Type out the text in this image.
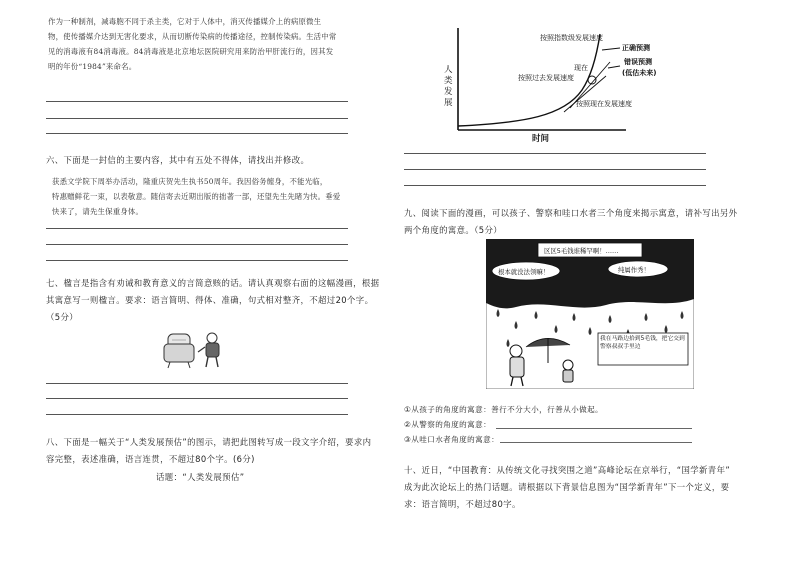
作为一种制剂，减毒胞不同于杀主类，它对于人体中，消灭传播媒介上的病原微生
物，使传播媒介达到无害化要求，从而切断传染病的传播途径，控制传染病。生活中常
见的消毒液有84消毒液。84消毒液是北京地坛医院研究用来防治甲肝流行的，因其发
明的年份“1984”来命名。
六、下面是一封信的主要内容，其中有五处不得体，请找出并修改。
获悉文学院下周举办活动，隆重庆贺先生执书50周年。我因俗务缠身，不能光临，
特惠赠鲜花一束，以表敬意。随信寄去近期出版的拙著一部，还望先生先睹为快。垂爱
快来了，请先生保重身体。
七、楹言是指含有劝诫和教育意义的言简意赅的话。请认真观察右面的这幅漫画，根据
其寓意写一则楹言。要求：语言简明、得体、准确，句式相对整齐，不超过20个字。
（5分）
八、下面是一幅关于“人类发展预估”的图示，请把此图转写成一段文字介绍，要求内
容完整，表述准确，语言连贯，不超过80个字。(6分)
话题：“人类发展预估”
人
类
发
展
按照指数级发展速度
正确预测
错误预测
(低估未来)
现在
按照过去发展速度
按照现在发展速度
时间
九、阅读下面的漫画，可以孩子、警察和哇口水者三个角度来揭示寓意，请补写出另外
两个角度的寓意。（5分）
区区5毛钱谁稀罕啊！……
根本就没法领嘛！	纯属作秀！
我在马路边拾到5毛钱，把它交到警察叔叔手里边
①从孩子的角度的寓意：善行不分大小，行善从小做起。
②从警察的角度的寓意：
③从哇口水者角度的寓意：
十、近日，“中国教育：从传统文化寻找突围之道”高峰论坛在京举行，“国学新青年”
成为此次论坛上的热门话题。请根据以下背景信息图为“国学新青年”下一个定义，要
求：语言简明，不超过80字。
